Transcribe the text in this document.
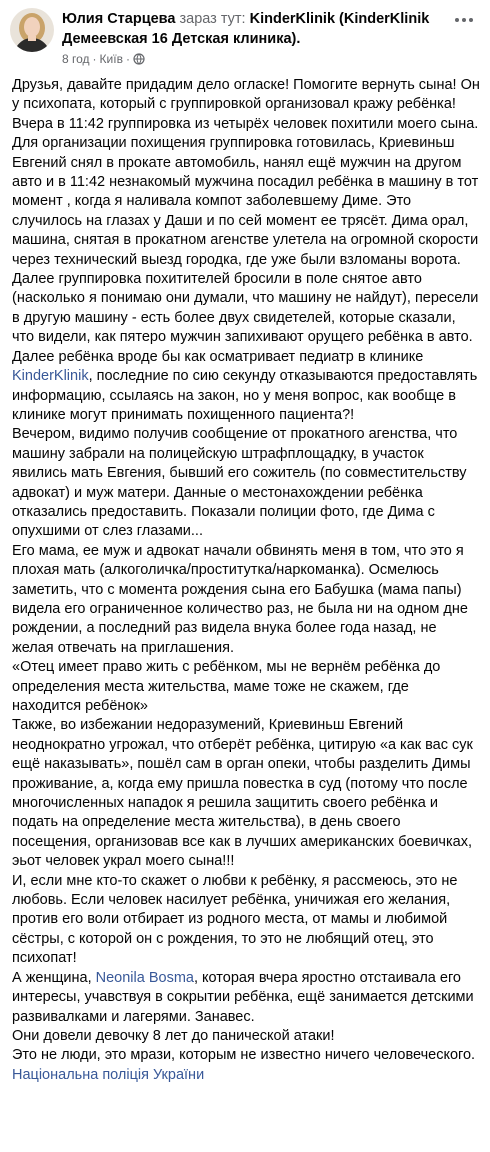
Юлия Старцева зараз тут: KinderKlinik (KinderKlinik Демеевская 16 Детская клиника).
8 год · Київ ·

Друзья, давайте придадим дело огласке! Помогите вернуть сына! Он у психопата, который с группировкой организовал кражу ребёнка!

Вчера в 11:42 группировка из четырёх человек похитили моего сына.

Для организации похищения группировка готовилась, Криевиньш Евгений снял в прокате автомобиль, нанял ещё мужчин на другом авто и в 11:42 незнакомый мужчина посадил ребёнка в машину в тот момент , когда я наливала компот заболевшему Диме. Это случилось на глазах у Даши и по сей момент ее трясёт. Дима орал, машина, снятая в прокатном агенстве улетела на огромной скорости через технический выезд городка, где уже были взломаны ворота. Далее группировка похитителей бросили в поле снятое авто (насколько я понимаю они думали, что машину не найдут), пересели в другую машину - есть более двух свидетелей, которые сказали, что видели, как пятеро мужчин запихивают орущего ребёнка в авто.

Далее ребёнка вроде бы как осматривает педиатр в клинике KinderKlinik, последние по сию секунду отказываются предоставлять информацию, ссылаясь на закон, но у меня вопрос, как вообще в клинике могут принимать похищенного пациента?!

Вечером, видимо получив сообщение от прокатного агенства, что машину забрали на полицейскую штрафплощадку, в участок явились мать Евгения, бывший его сожитель (по совместительству адвокат) и муж матери. Данные о местонахождении ребёнка отказались предоставить. Показали полиции фото, где Дима с опухшими от слез глазами...

Его мама, ее муж и адвокат начали обвинять меня в том, что это я плохая мать (алкоголичка/проститутка/наркоманка). Осмелюсь заметить, что с момента рождения сына его Бабушка (мама папы) видела его ограниченное количество раз, не была ни на одном дне рождении, а последний раз видела внука более года назад, не желая отвечать на приглашения.

«Отец имеет право жить с ребёнком, мы не вернём ребёнка до определения места жительства, маме тоже не скажем, где находится ребёнок»

Также, во избежании недоразумений, Криевиньш Евгений неоднократно угрожал, что отберёт ребёнка, цитирую «а как вас сук ещё наказывать», пошёл сам в орган опеки, чтобы разделить Димы проживание, а, когда ему пришла повестка в суд (потому что после многочисленных нападок я решила защитить своего ребёнка и подать на определение места жительства), в день своего посещения, организовав все как в лучших американских боевичках, эьот человек украл моего сына!!!

И, если мне кто-то скажет о любви к ребёнку, я рассмеюсь, это не любовь. Если человек насилует ребёнка, уничижая его желания, против его воли отбирает из родного места, от мамы и любимой сёстры, с которой он с рождения, то это не любящий отец, это психопат!

А женщина, Neonila Bosma, которая вчера яростно отстаивала его интересы, учавствуя в сокрытии ребёнка, ещё занимается детскими развивалками и лагерями. Занавес.

Они довели девочку 8 лет до панической атаки!

Это не люди, это мрази, которым не известно ничего человеческого.

Національна поліція України
